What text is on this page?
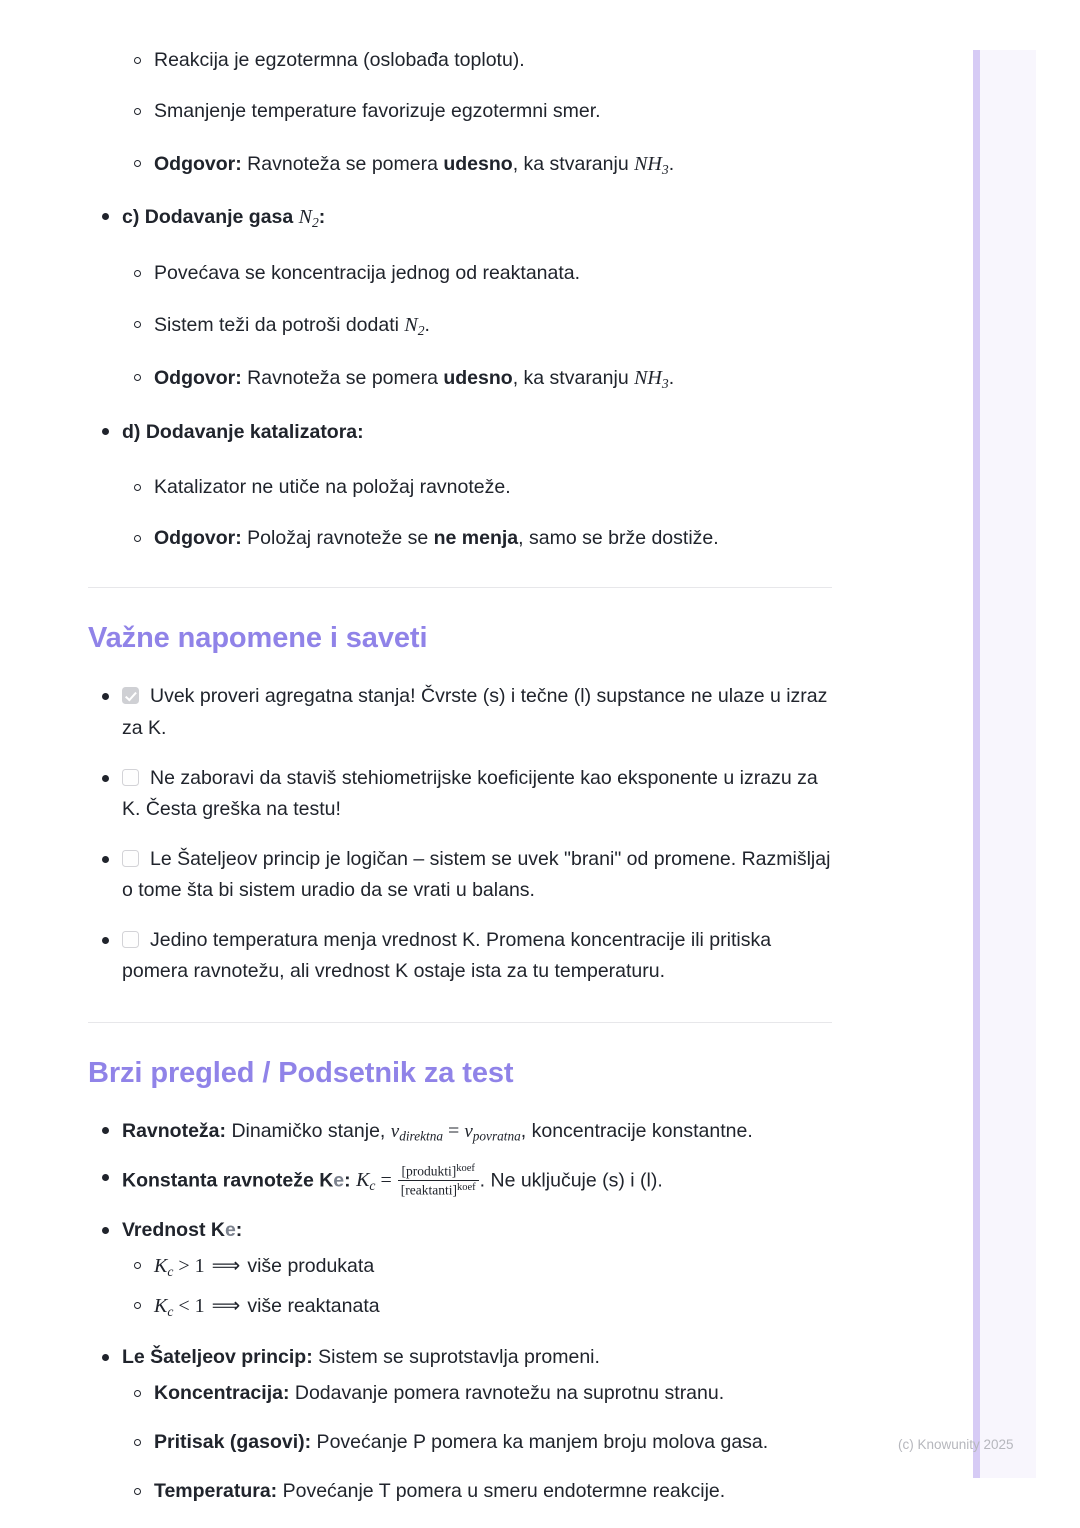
Reakcija je egzotermna (oslobađa toplotu).
Smanjenje temperature favorizuje egzotermni smer.
Odgovor: Ravnoteža se pomera udesno, ka stvaranju $NH_3$.
c) Dodavanje gasa $N_2$:
Povećava se koncentracija jednog od reaktanata.
Sistem teži da potroši dodati $N_2$.
Odgovor: Ravnoteža se pomera udesno, ka stvaranju $NH_3$.
d) Dodavanje katalizatora:
Katalizator ne utiče na položaj ravnoteže.
Odgovor: Položaj ravnoteže se ne menja, samo se brže dostiže.
Važne napomene i saveti
Uvek proveri agregatna stanja! Čvrste (s) i tečne (l) supstance ne ulaze u izraz za K.
Ne zaboravi da staviš stehiometrijske koeficijente kao eksponente u izrazu za K. Česta greška na testu!
Le Šateljeov princip je logičan – sistem se uvek "brani" od promene. Razmišljaj o tome šta bi sistem uradio da se vrati u balans.
Jedino temperatura menja vrednost K. Promena koncentracije ili pritiska pomera ravnotežu, ali vrednost K ostaje ista za tu temperaturu.
Brzi pregled / Podsetnik za test
Ravnoteža: Dinamičko stanje, $v_{direktna} = v_{povratna}$, koncentracije konstantne.
Konstanta ravnoteže Ke: $K_c = \frac{[produkti]^{koef}}{[reaktanti]^{koef}}$ . Ne uključuje (s) i (l).
Vrednost Ke:
$K_c > 1$ ⟹ više produkata
$K_c < 1$ ⟹ više reaktanata
Le Šateljeov princip: Sistem se suprotstavlja promeni.
Koncentracija: Dodavanje pomera ravnotežu na suprotnu stranu.
Pritisak (gasovi): Povećanje P pomera ka manjem broju molova gasa.
Temperatura: Povećanje T pomera u smeru endotermne reakcije.
(c) Knowunity 2025
